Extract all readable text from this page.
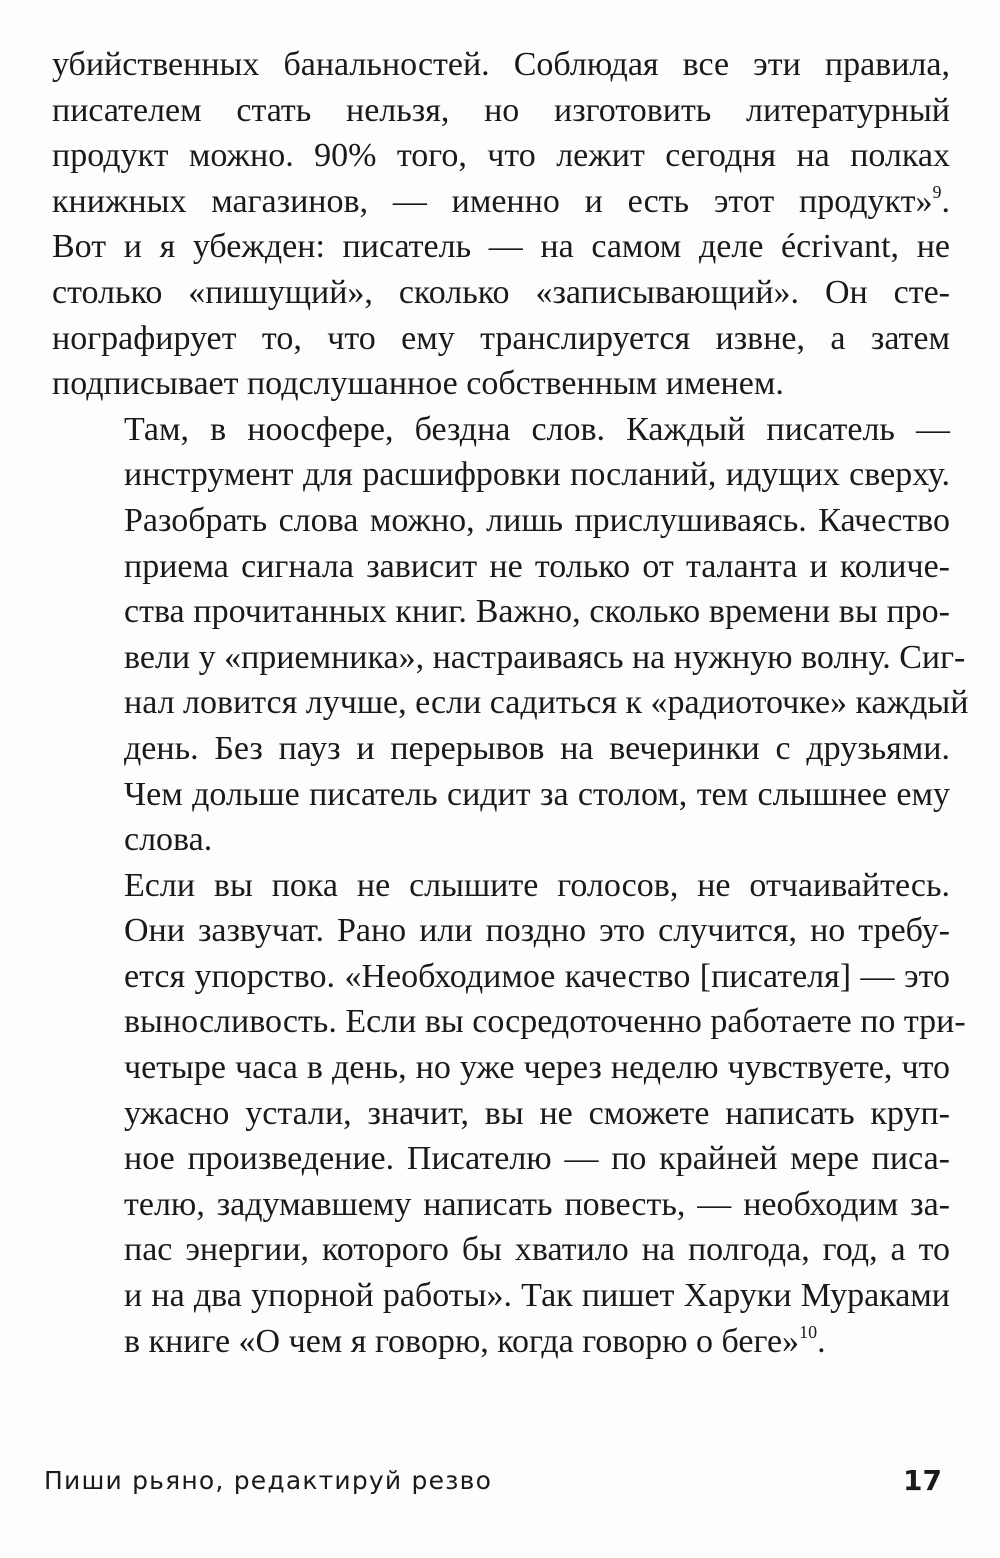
убийственных банальностей. Соблюдая все эти правила,
писателем стать нельзя, но изготовить литературный
продукт можно. 90% того, что лежит сегодня на полках
книжных магазинов, — именно и есть этот продукт»$^9$.
Вот и я убежден: писатель — на самом деле écrivant, не
столько «пишущий», сколько «записывающий». Он сте-
нографирует то, что ему транслируется извне, а затем
подписывает подслушанное собственным именем.
Там, в ноосфере, бездна слов. Каждый писатель —
инструмент для расшифровки посланий, идущих сверху.
Разобрать слова можно, лишь прислушиваясь. Качество
приема сигнала зависит не только от таланта и количе-
ства прочитанных книг. Важно, сколько времени вы про-
вели у «приемника», настраиваясь на нужную волну. Сиг-
нал ловится лучше, если садиться к «радиоточке» каждый
день. Без пауз и перерывов на вечеринки с друзьями.
Чем дольше писатель сидит за столом, тем слышнее ему
слова.
Если вы пока не слышите голосов, не отчаивайтесь.
Они зазвучат. Рано или поздно это случится, но требу-
ется упорство. «Необходимое качество [писателя] — это
выносливость. Если вы сосредоточенно работаете по три-
четыре часа в день, но уже через неделю чувствуете, что
ужасно устали, значит, вы не сможете написать круп-
ное произведение. Писателю — по крайней мере писа-
телю, задумавшему написать повесть, — необходим за-
пас энергии, которого бы хватило на полгода, год, а то
и на два упорной работы». Так пишет Харуки Мураками
в книге «О чем я говорю, когда говорю о беге»$^{10}$.
Пиши рьяно, редактируй резво	17
